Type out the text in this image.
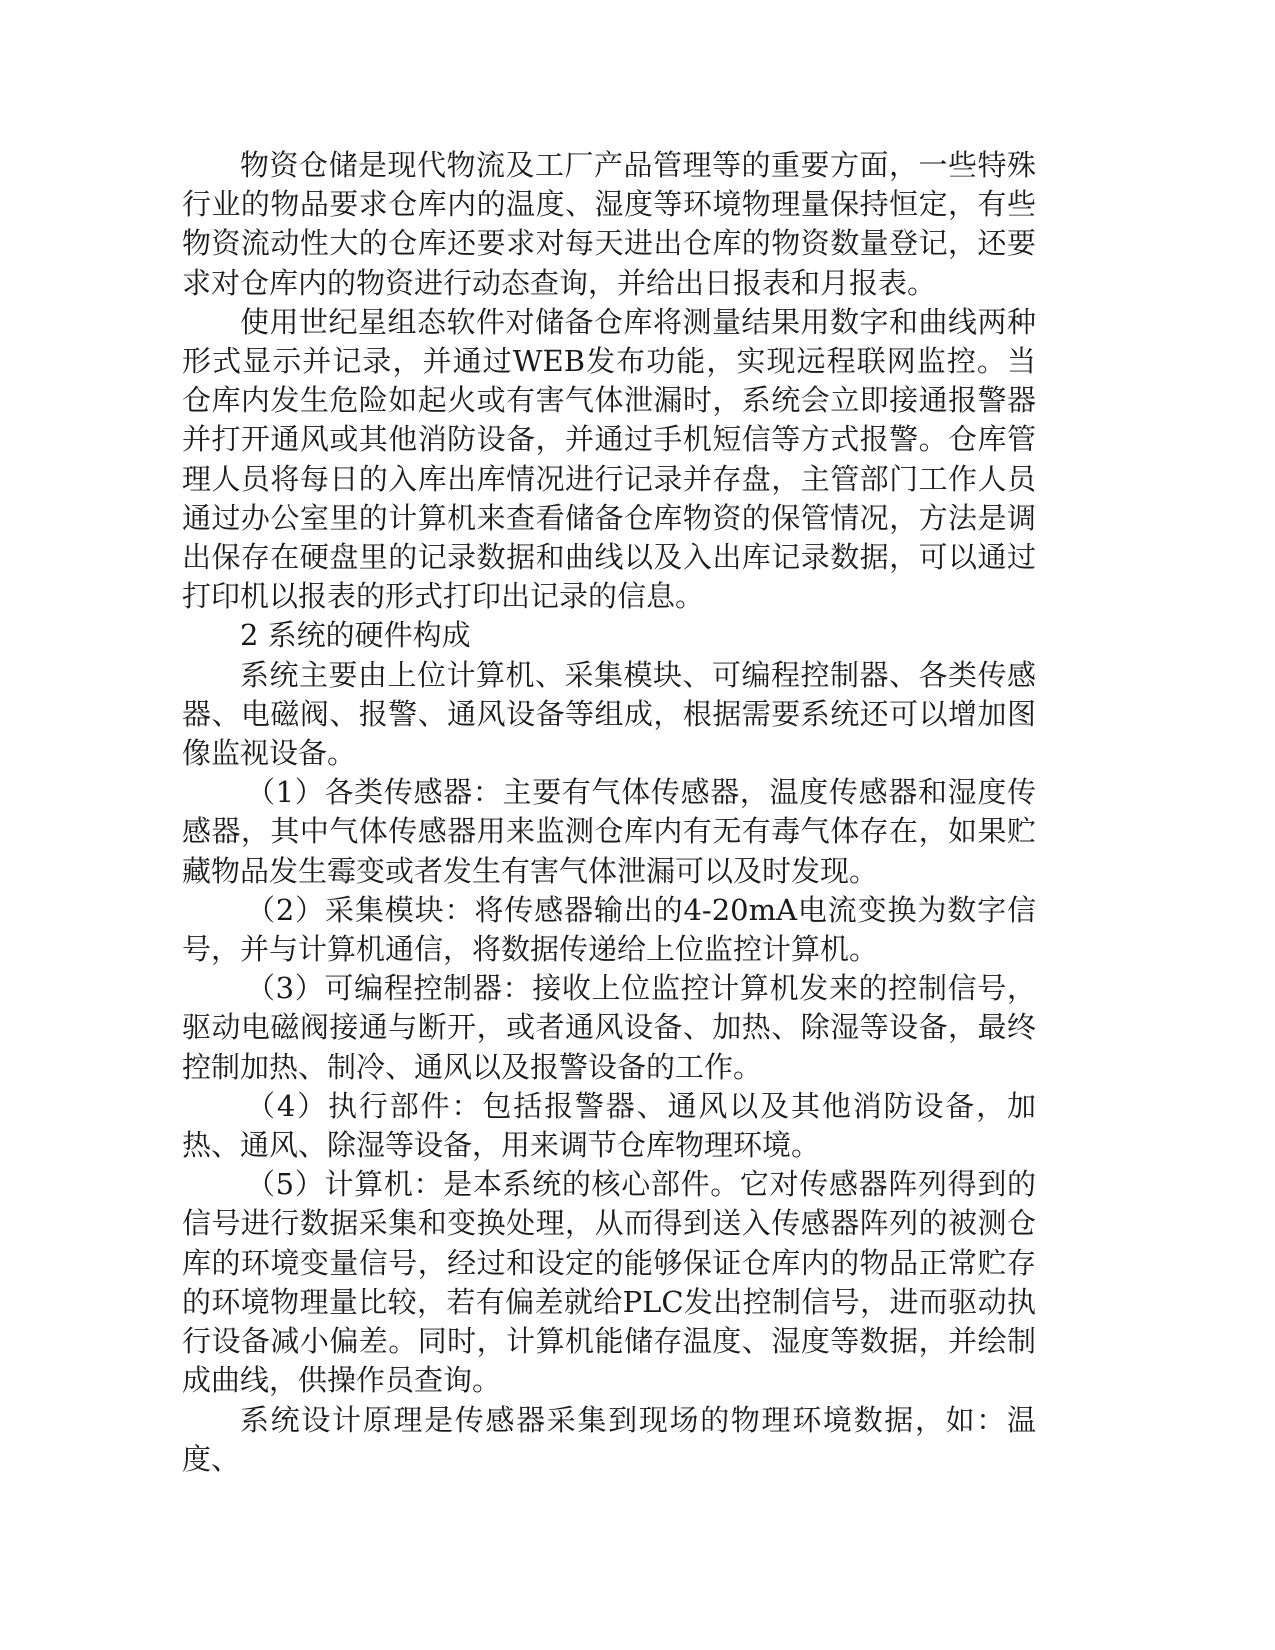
物资仓储是现代物流及工厂产品管理等的重要方面，一些特殊行业的物品要求仓库内的温度、湿度等环境物理量保持恒定，有些物资流动性大的仓库还要求对每天进出仓库的物资数量登记，还要求对仓库内的物资进行动态查询，并给出日报表和月报表。

使用世纪星组态软件对储备仓库将测量结果用数字和曲线两种形式显示并记录，并通过WEB发布功能，实现远程联网监控。当仓库内发生危险如起火或有害气体泄漏时，系统会立即接通报警器并打开通风或其他消防设备，并通过手机短信等方式报警。仓库管理人员将每日的入库出库情况进行记录并存盘，主管部门工作人员通过办公室里的计算机来查看储备仓库物资的保管情况，方法是调出保存在硬盘里的记录数据和曲线以及入出库记录数据，可以通过打印机以报表的形式打印出记录的信息。

2 系统的硬件构成

系统主要由上位计算机、采集模块、可编程控制器、各类传感器、电磁阀、报警、通风设备等组成，根据需要系统还可以增加图像监视设备。

（1）各类传感器：主要有气体传感器，温度传感器和湿度传感器，其中气体传感器用来监测仓库内有无有毒气体存在，如果贮藏物品发生霉变或者发生有害气体泄漏可以及时发现。

（2）采集模块：将传感器输出的4-20mA电流变换为数字信号，并与计算机通信，将数据传递给上位监控计算机。

（3）可编程控制器：接收上位监控计算机发来的控制信号，驱动电磁阀接通与断开，或者通风设备、加热、除湿等设备，最终控制加热、制冷、通风以及报警设备的工作。

（4）执行部件：包括报警器、通风以及其他消防设备，加热、通风、除湿等设备，用来调节仓库物理环境。

（5）计算机：是本系统的核心部件。它对传感器阵列得到的信号进行数据采集和变换处理，从而得到送入传感器阵列的被测仓库的环境变量信号，经过和设定的能够保证仓库内的物品正常贮存的环境物理量比较，若有偏差就给PLC发出控制信号，进而驱动执行设备减小偏差。同时，计算机能储存温度、湿度等数据，并绘制成曲线，供操作员查询。

系统设计原理是传感器采集到现场的物理环境数据，如：温度、
